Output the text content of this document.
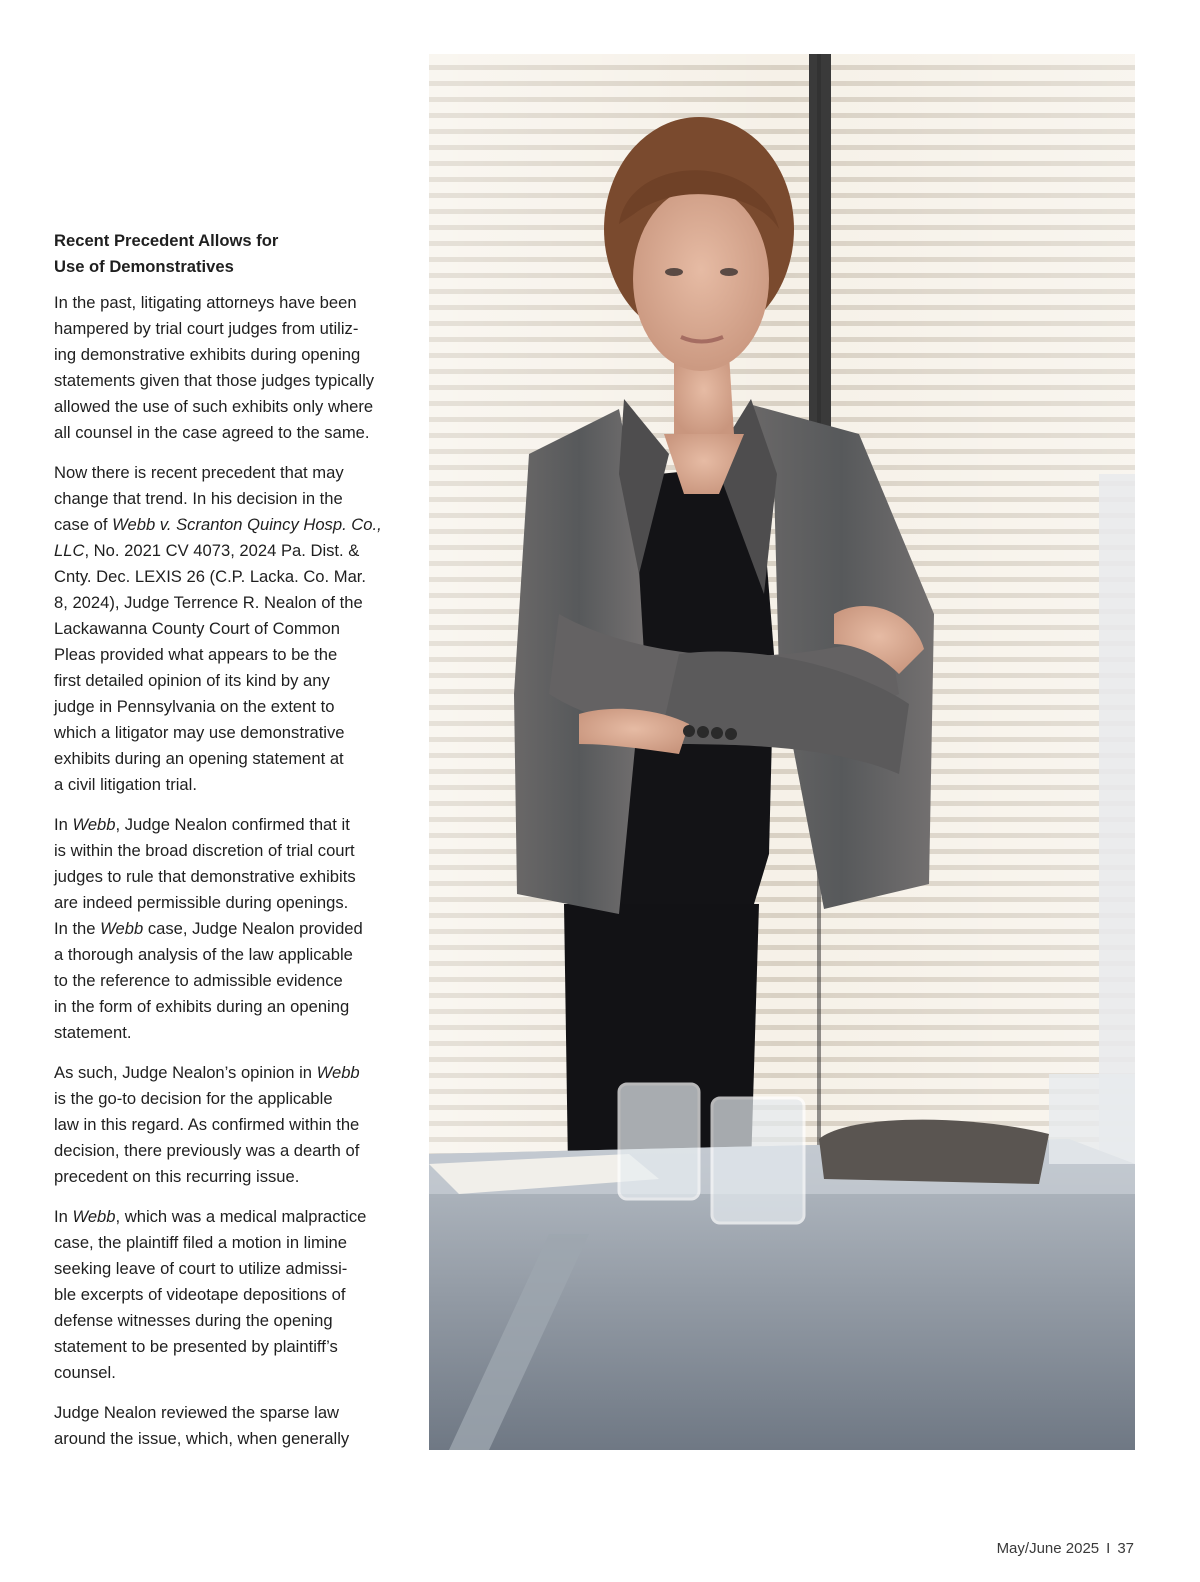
Recent Precedent Allows for
Use of Demonstratives

In the past, litigating attorneys have been
hampered by trial court judges from utiliz-
ing demonstrative exhibits during opening
statements given that those judges typically
allowed the use of such exhibits only where
all counsel in the case agreed to the same.

Now there is recent precedent that may
change that trend. In his decision in the
case of Webb v. Scranton Quincy Hosp. Co.,
LLC, No. 2021 CV 4073, 2024 Pa. Dist. &
Cnty. Dec. LEXIS 26 (C.P. Lacka. Co. Mar.
8, 2024), Judge Terrence R. Nealon of the
Lackawanna County Court of Common
Pleas provided what appears to be the
first detailed opinion of its kind by any
judge in Pennsylvania on the extent to
which a litigator may use demonstrative
exhibits during an opening statement at
a civil litigation trial.

In Webb, Judge Nealon confirmed that it
is within the broad discretion of trial court
judges to rule that demonstrative exhibits
are indeed permissible during openings.
In the Webb case, Judge Nealon provided
a thorough analysis of the law applicable
to the reference to admissible evidence
in the form of exhibits during an opening
statement.

As such, Judge Nealon’s opinion in Webb
is the go-to decision for the applicable
law in this regard. As confirmed within the
decision, there previously was a dearth of
precedent on this recurring issue.

In Webb, which was a medical malpractice
case, the plaintiff filed a motion in limine
seeking leave of court to utilize admissi-
ble excerpts of videotape depositions of
defense witnesses during the opening
statement to be presented by plaintiff’s
counsel.

Judge Nealon reviewed the sparse law
around the issue, which, when generally

May/June 2025 I 37
